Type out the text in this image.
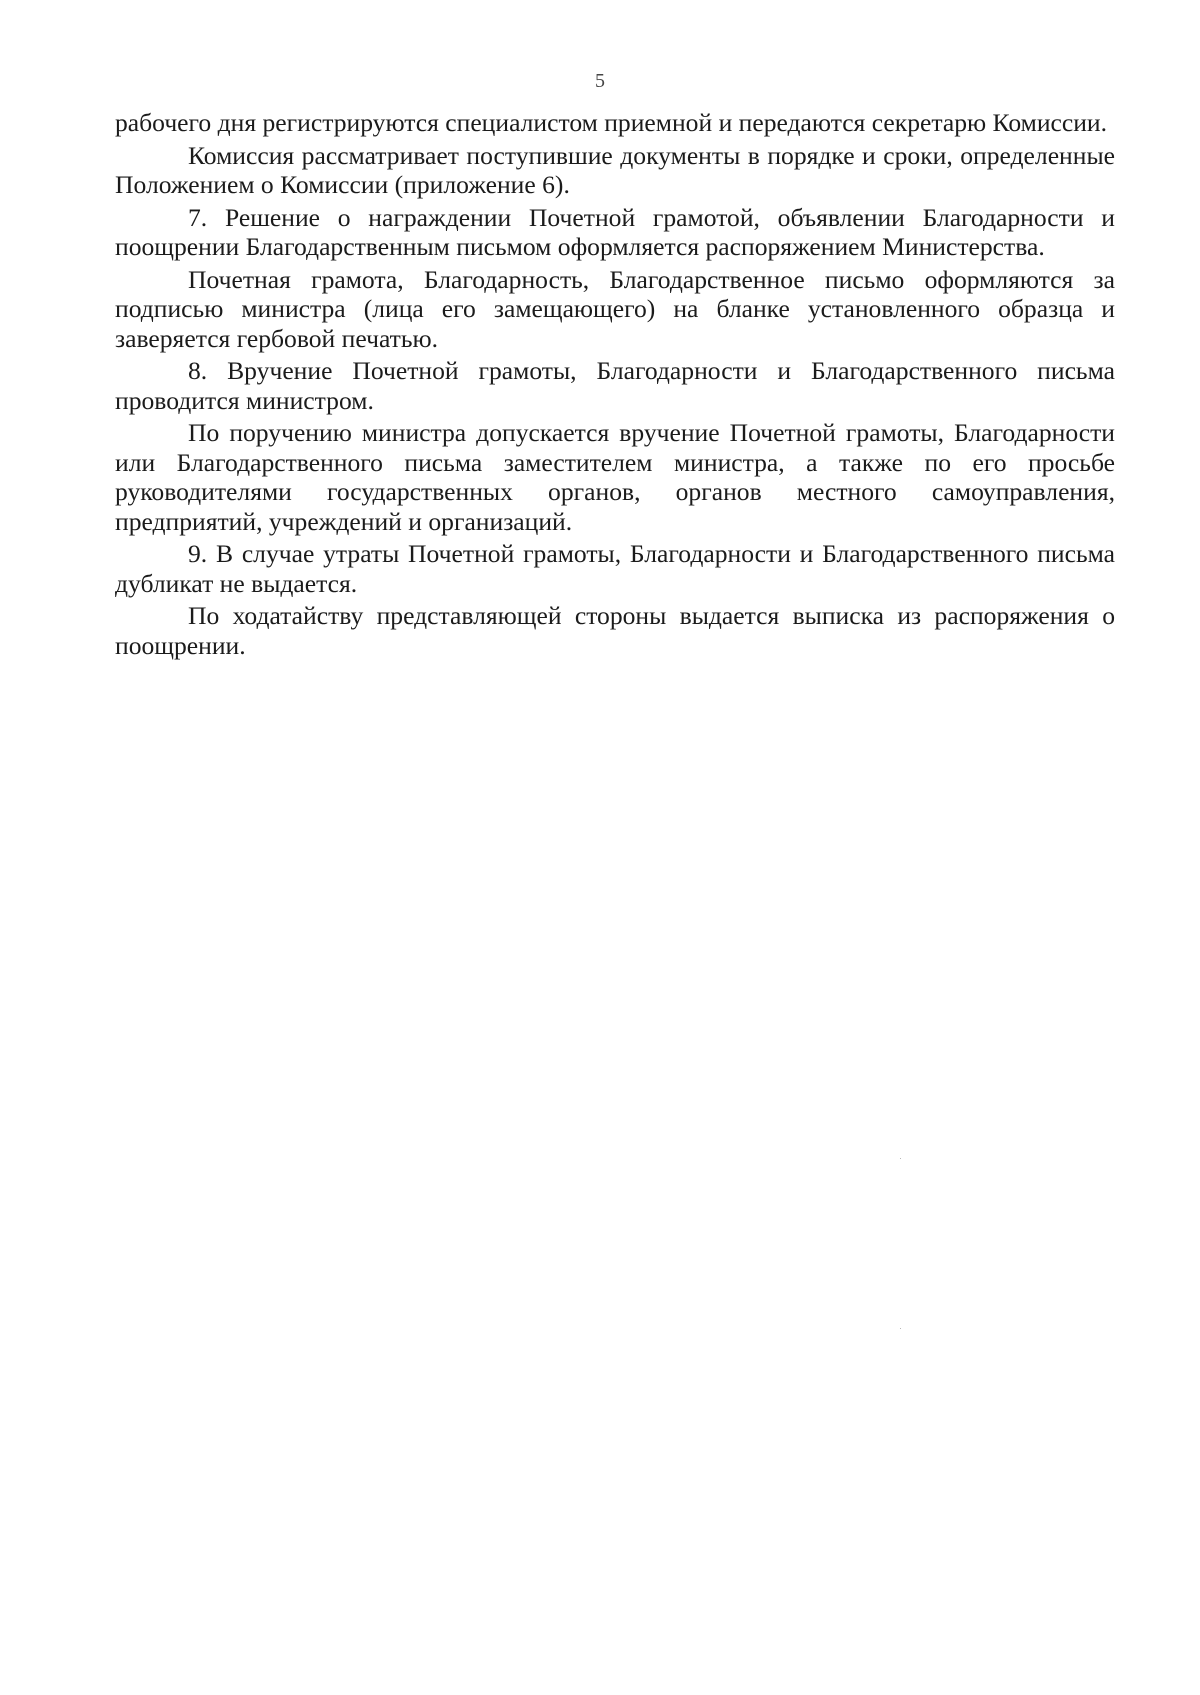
5

рабочего дня регистрируются специалистом приемной и передаются секретарю Комиссии.

Комиссия рассматривает поступившие документы в порядке и сроки, определенные Положением о Комиссии (приложение 6).

7. Решение о награждении Почетной грамотой, объявлении Благодарности и поощрении Благодарственным письмом оформляется распоряжением Министерства.

Почетная грамота, Благодарность, Благодарственное письмо оформляются за подписью министра (лица его замещающего) на бланке установленного образца и заверяется гербовой печатью.

8. Вручение Почетной грамоты, Благодарности и Благодарственного письма проводится министром.

По поручению министра допускается вручение Почетной грамоты, Благодарности или Благодарственного письма заместителем министра, а также по его просьбе руководителями государственных органов, органов местного самоуправления, предприятий, учреждений и организаций.

9. В случае утраты Почетной грамоты, Благодарности и Благодарственного письма дубликат не выдается.

По ходатайству представляющей стороны выдается выписка из распоряжения о поощрении.
